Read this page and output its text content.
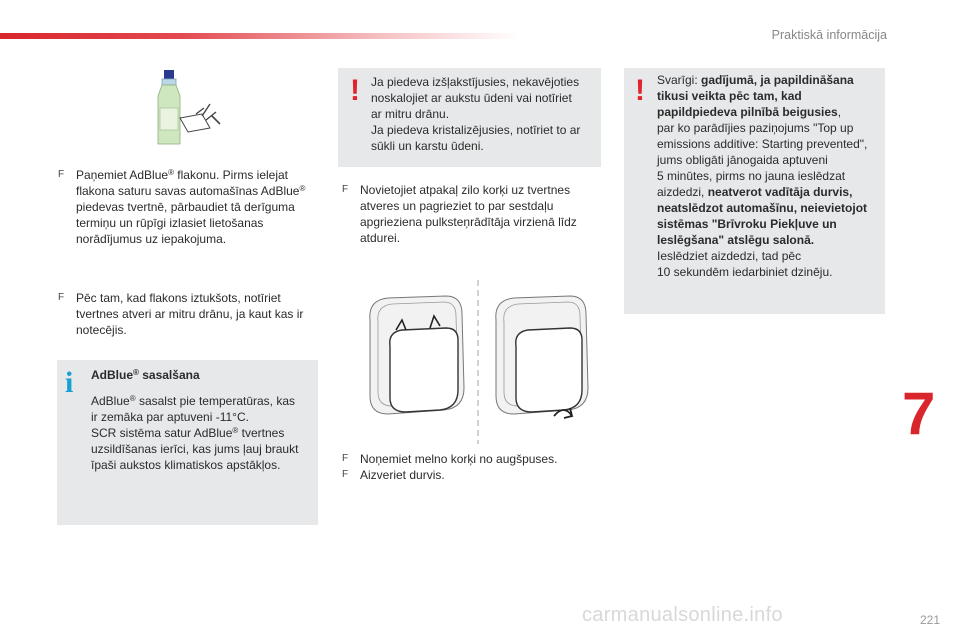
Praktiskā informācija
7
221
carmanualsonline.info
F Paņemiet AdBlue® flakonu. Pirms ielejat
flakona saturu savas automašīnas AdBlue®
piedevas tvertnē, pārbaudiet tā derīguma
termiņu un rūpīgi izlasiet lietošanas
norādījumus uz iepakojuma.
F Pēc tam, kad flakons iztukšots, notīriet
tvertnes atveri ar mitru drānu, ja kaut kas ir
notecējis.
i AdBlue® sasalšana
AdBlue® sasalst pie temperatūras, kas
ir zemāka par aptuveni -11°C.
SCR sistēma satur AdBlue® tvertnes
uzsildīšanas ierīci, kas jums ļauj braukt
īpaši aukstos klimatiskos apstākļos.
! Ja piedeva izšļakstījusies, nekavējoties
noskalojiet ar aukstu ūdeni vai notīriet
ar mitru drānu.
Ja piedeva kristalizējusies, notīriet to ar
sūkli un karstu ūdeni.
F Novietojiet atpakaļ zilo korķi uz tvertnes
atveres un pagrieziet to par sestdaļu
apgrieziena pulksteņrādītāja virzienā līdz
atdurei.
F Noņemiet melno korķi no augšpuses.
F Aizveriet durvis.
! Svarīgi: gadījumā, ja papildināšana
tikusi veikta pēc tam, kad
papildpiedeva pilnībā beigusies,
par ko parādījies paziņojums "Top up
emissions additive: Starting prevented",
jums obligāti jānogaida aptuveni
5 minūtes, pirms no jauna ieslēdzat
aizdedzi, neatverot vadītāja durvis,
neatslēdzot automašīnu, neievietojot
sistēmas "Brīvroku Piekļuve un
leslēgšana" atslēgu salonā.
Ieslēdziet aizdedzi, tad pēc
10 sekundēm iedarbiniet dzinēju.
